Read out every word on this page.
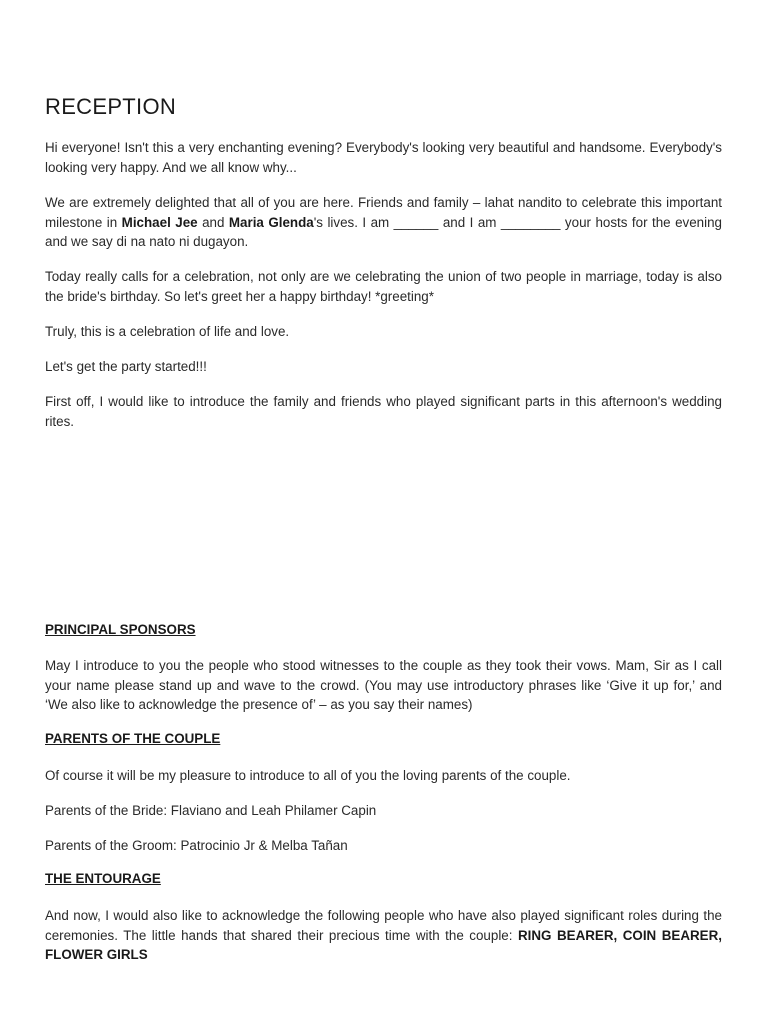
RECEPTION

Hi everyone! Isn't this a very enchanting evening? Everybody's looking very beautiful and handsome. Everybody's looking very happy. And we all know why...

We are extremely delighted that all of you are here. Friends and family – lahat nandito to celebrate this important milestone in Michael Jee and Maria Glenda's lives. I am ______ and I am ________ your hosts for the evening and we say di na nato ni dugayon.

Today really calls for a celebration, not only are we celebrating the union of two people in marriage, today is also the bride's birthday. So let's greet her a happy birthday! *greeting*

Truly, this is a celebration of life and love.

Let's get the party started!!!

First off, I would like to introduce the family and friends who played significant parts in this afternoon's wedding rites.

PRINCIPAL SPONSORS

May I introduce to you the people who stood witnesses to the couple as they took their vows. Mam, Sir as I call your name please stand up and wave to the crowd. (You may use introductory phrases like ‘Give it up for,’ and ‘We also like to acknowledge the presence of’ – as you say their names)

PARENTS OF THE COUPLE

Of course it will be my pleasure to introduce to all of you the loving parents of the couple.

Parents of the Bride: Flaviano and Leah Philamer Capin

Parents of the Groom: Patrocinio Jr & Melba Tañan

THE ENTOURAGE

And now, I would also like to acknowledge the following people who have also played significant roles during the ceremonies. The little hands that shared their precious time with the couple: RING BEARER, COIN BEARER, FLOWER GIRLS
